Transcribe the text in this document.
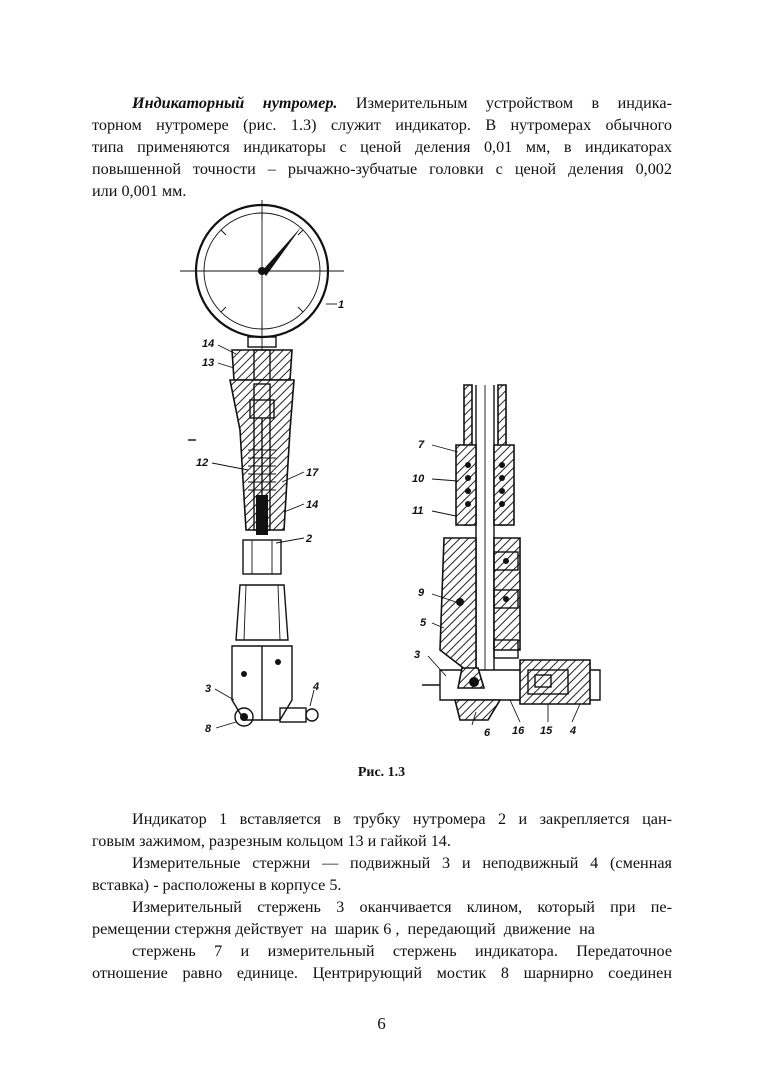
Индикаторный нутромер. Измерительным устройством в индика-
торном нутромере (рис. 1.3) служит индикатор. В нутромерах обычного
типа применяются индикаторы с ценой деления 0,01 мм, в индикаторах
повышенной точности – рычажно-зубчатые головки с ценой деления 0,002
или 0,001 мм.

1
14
13
12
17
14
2
3	4
8
7
10
11
9
5
3
6 16 15 4
Рис. 1.3

Индикатор 1 вставляется в трубку нутромера 2 и закрепляется цан-
говым зажимом, разрезным кольцом 13 и гайкой 14.
Измерительные стержни — подвижный 3 и неподвижный 4 (сменная
вставка) - расположены в корпусе 5.
Измерительный стержень 3 оканчивается клином, который при пе-
ремещении стержня действует  на  шарик 6 ,  передающий  движение  на
стержень 7 и измерительный стержень индикатора. Передаточное
отношение равно единице. Центрирующий мостик 8 шарнирно соединен

6
